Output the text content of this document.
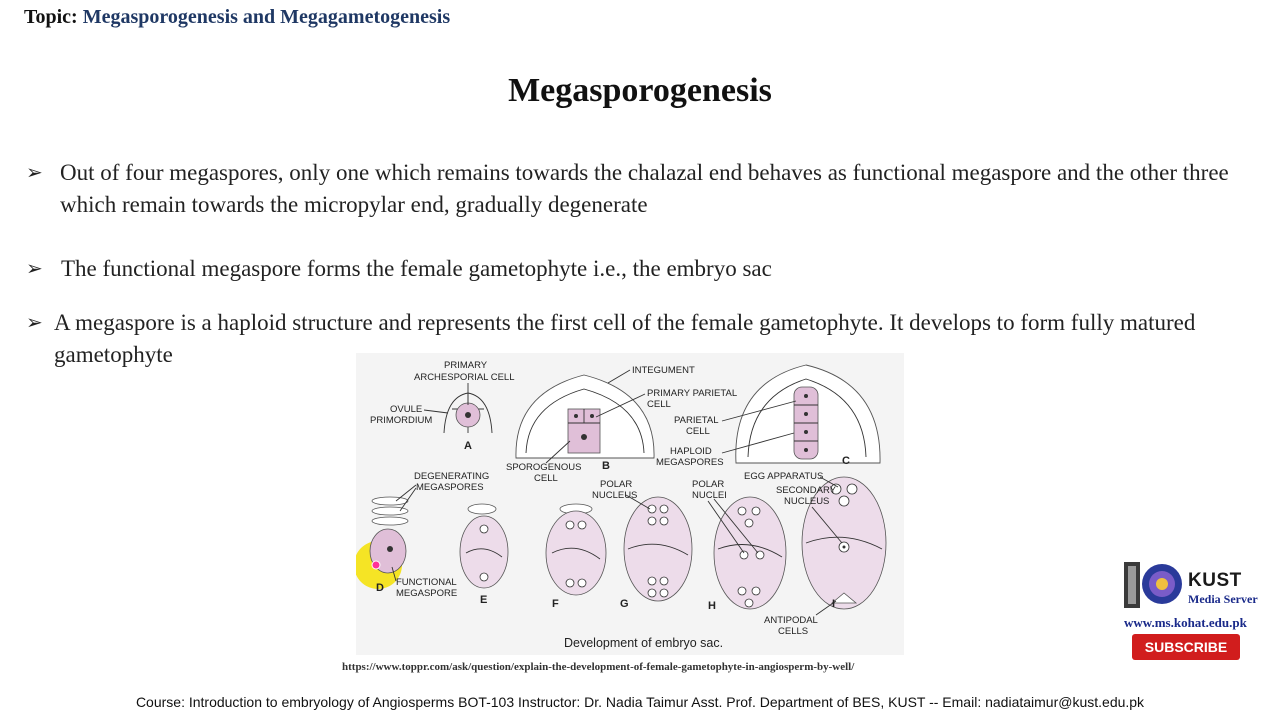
Topic: Megasporogenesis and Megagametogenesis
Megasporogenesis
➢ Out of four megaspores, only one which remains towards the chalazal end behaves as functional megaspore and the other three which remain towards the micropylar end, gradually degenerate
➢ The functional megaspore forms the female gametophyte i.e., the embryo sac
➢ A megaspore is a haploid structure and represents the first cell of the female gametophyte. It develops to form fully matured gametophyte	PRIMARY
ARCHESPORIAL CELL
OVULE
PRIMORDIUM
A
INTEGUMENT
PRIMARY PARIETAL
CELL
SPOROGENOUS
CELL
B
PARIETAL
CELL
HAPLOID
MEGASPORES	C
DEGENERATING
MEGASPORES
FUNCTIONAL
MEGASPORE
D
E	F
POLAR
NUCLEUS
G
POLAR
NUCLEI
H
EGG APPARATUS
SECONDARY
NUCLEUS
ANTIPODAL
CELLS
I
Development of embryo sac.
https://www.toppr.com/ask/question/explain-the-development-of-female-gametophyte-in-angiosperm-by-well/
Course: Introduction to embryology of Angiosperms BOT-103 Instructor: Dr. Nadia Taimur Asst. Prof. Department of BES, KUST -- Email: nadiataimur@kust.edu.pk
KUST
Media Server
www.ms.kohat.edu.pk
SUBSCRIBE
